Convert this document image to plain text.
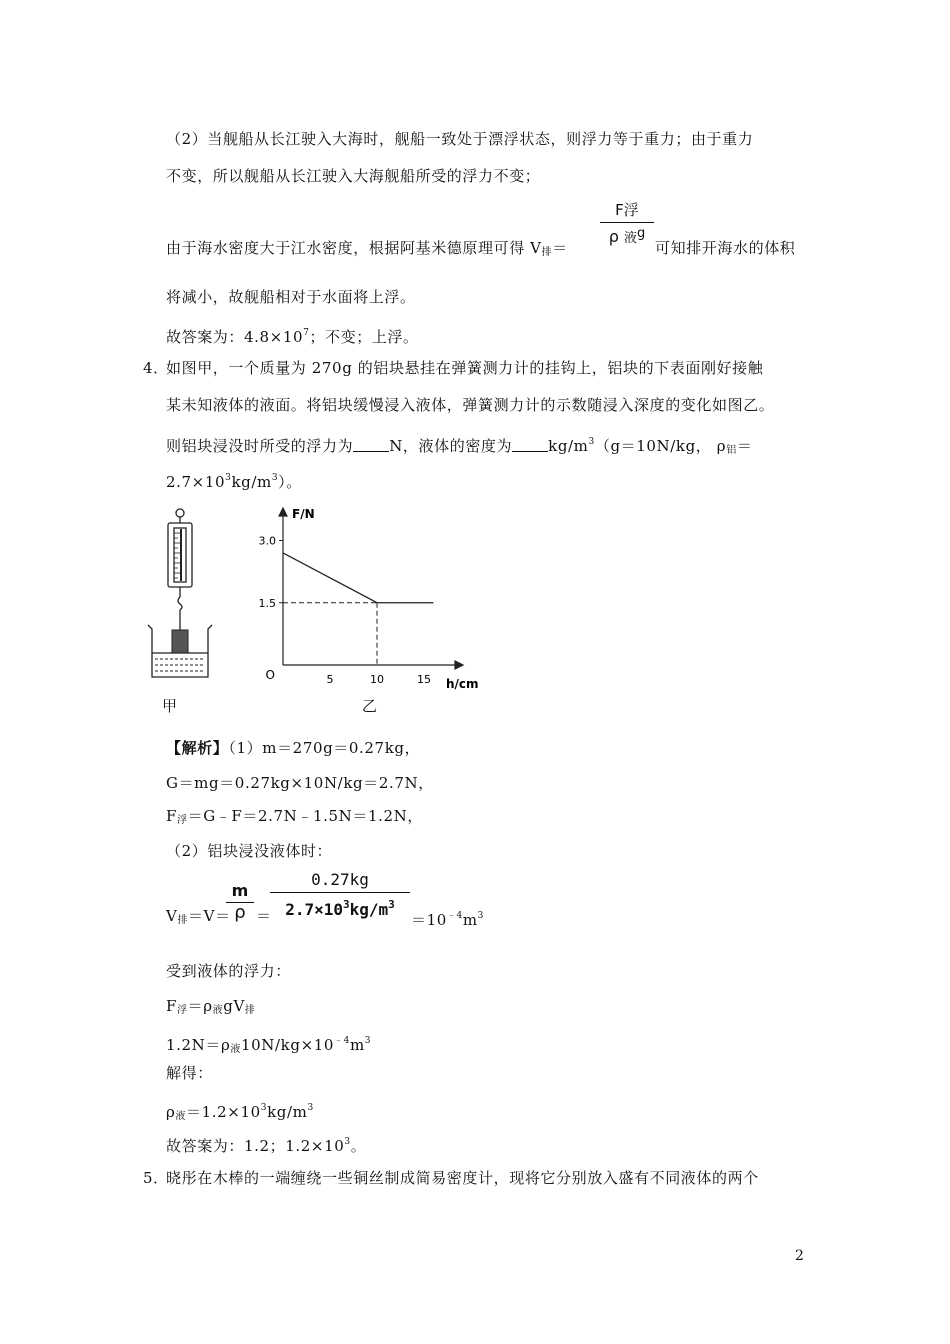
（2）当舰船从长江驶入大海时，舰船一致处于漂浮状态，则浮力等于重力；由于重力
不变，所以舰船从长江驶入大海舰船所受的浮力不变；
由于海水密度大于江水密度，根据阿基米德原理可得 $V_排=$
F浮
ρ 液$^g$
可知排开海水的体积
将减小，故舰船相对于水面将上浮。
故答案为：$4.8\times 10^7$；不变；上浮。
4．
如图甲，一个质量为 270g 的铝块悬挂在弹簧测力计的挂钩上，铝块的下表面刚好接触
某未知液体的液面。将铝块缓慢浸入液体，弹簧测力计的示数随浸入深度的变化如图乙。
则铝块浸没时所受的浮力为 N，液体的密度为 $kg/m^3(g=10N/kg$， $\rho_铝=$
$2.7\times 10^3kg/m^3$）。
甲
3.0
1.5
5	10	15
O
F/N
h/cm
乙
【解析】（1）m＝270g＝0.27kg，
G＝mg＝0.27kg×10N/kg＝2.7N，
$F_浮=G﹣F=2.7N﹣1.5N=1.2N$，
（2）铝块浸没液体时：
$V_排=V=$
$\frac{m}{\rho}$ ＝
$\frac{0.27kg}{2.7\times 10^3kg/m^3} =10^{﹣4}m^3$
受到液体的浮力：
$F_浮=\rho_液gV_排$
$1.2N=\rho_液10N/kg\times 10^{﹣4}m^3$
解得：
$\rho_液=1.2\times 10^3kg/m^3$
故答案为：1.2；$1.2\times 10^3$。
5．
晓彤在木棒的一端缠绕一些铜丝制成简易密度计，现将它分别放入盛有不同液体的两个
2
